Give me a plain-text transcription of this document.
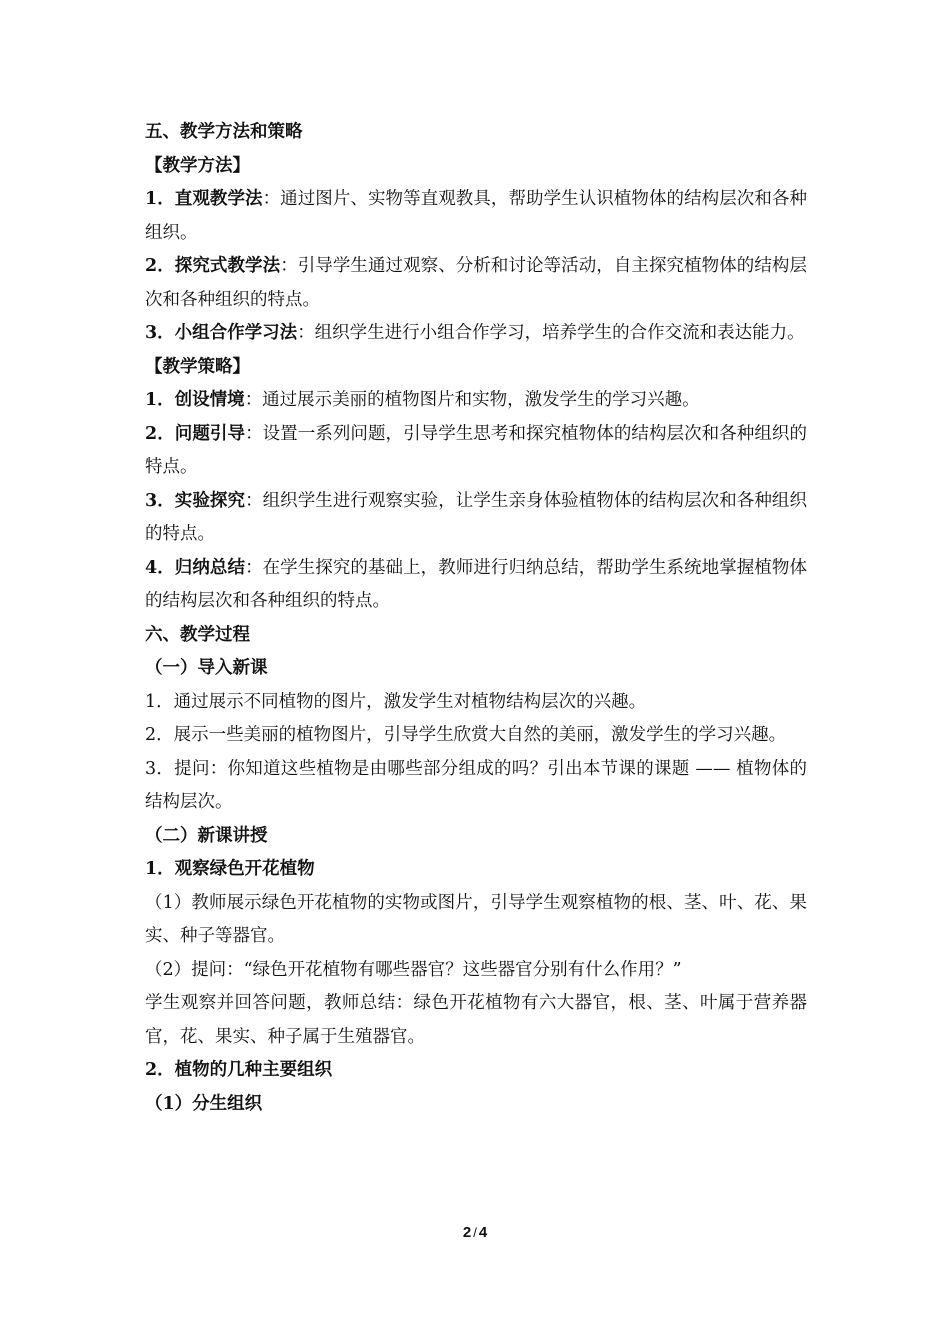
五、教学方法和策略

【教学方法】

1．直观教学法：通过图片、实物等直观教具，帮助学生认识植物体的结构层次和各种组织。

2．探究式教学法：引导学生通过观察、分析和讨论等活动，自主探究植物体的结构层次和各种组织的特点。

3．小组合作学习法：组织学生进行小组合作学习，培养学生的合作交流和表达能力。

【教学策略】

1．创设情境：通过展示美丽的植物图片和实物，激发学生的学习兴趣。

2．问题引导：设置一系列问题，引导学生思考和探究植物体的结构层次和各种组织的特点。

3．实验探究：组织学生进行观察实验，让学生亲身体验植物体的结构层次和各种组织的特点。

4．归纳总结：在学生探究的基础上，教师进行归纳总结，帮助学生系统地掌握植物体的结构层次和各种组织的特点。

六、教学过程

（一）导入新课

1．通过展示不同植物的图片，激发学生对植物结构层次的兴趣。

2．展示一些美丽的植物图片，引导学生欣赏大自然的美丽，激发学生的学习兴趣。

3．提问：你知道这些植物是由哪些部分组成的吗？引出本节课的课题 —— 植物体的结构层次。

（二）新课讲授

1．观察绿色开花植物

（1）教师展示绿色开花植物的实物或图片，引导学生观察植物的根、茎、叶、花、果实、种子等器官。

（2）提问：“绿色开花植物有哪些器官？这些器官分别有什么作用？”

学生观察并回答问题，教师总结：绿色开花植物有六大器官，根、茎、叶属于营养器官，花、果实、种子属于生殖器官。

2．植物的几种主要组织

（1）分生组织

2 / 4
